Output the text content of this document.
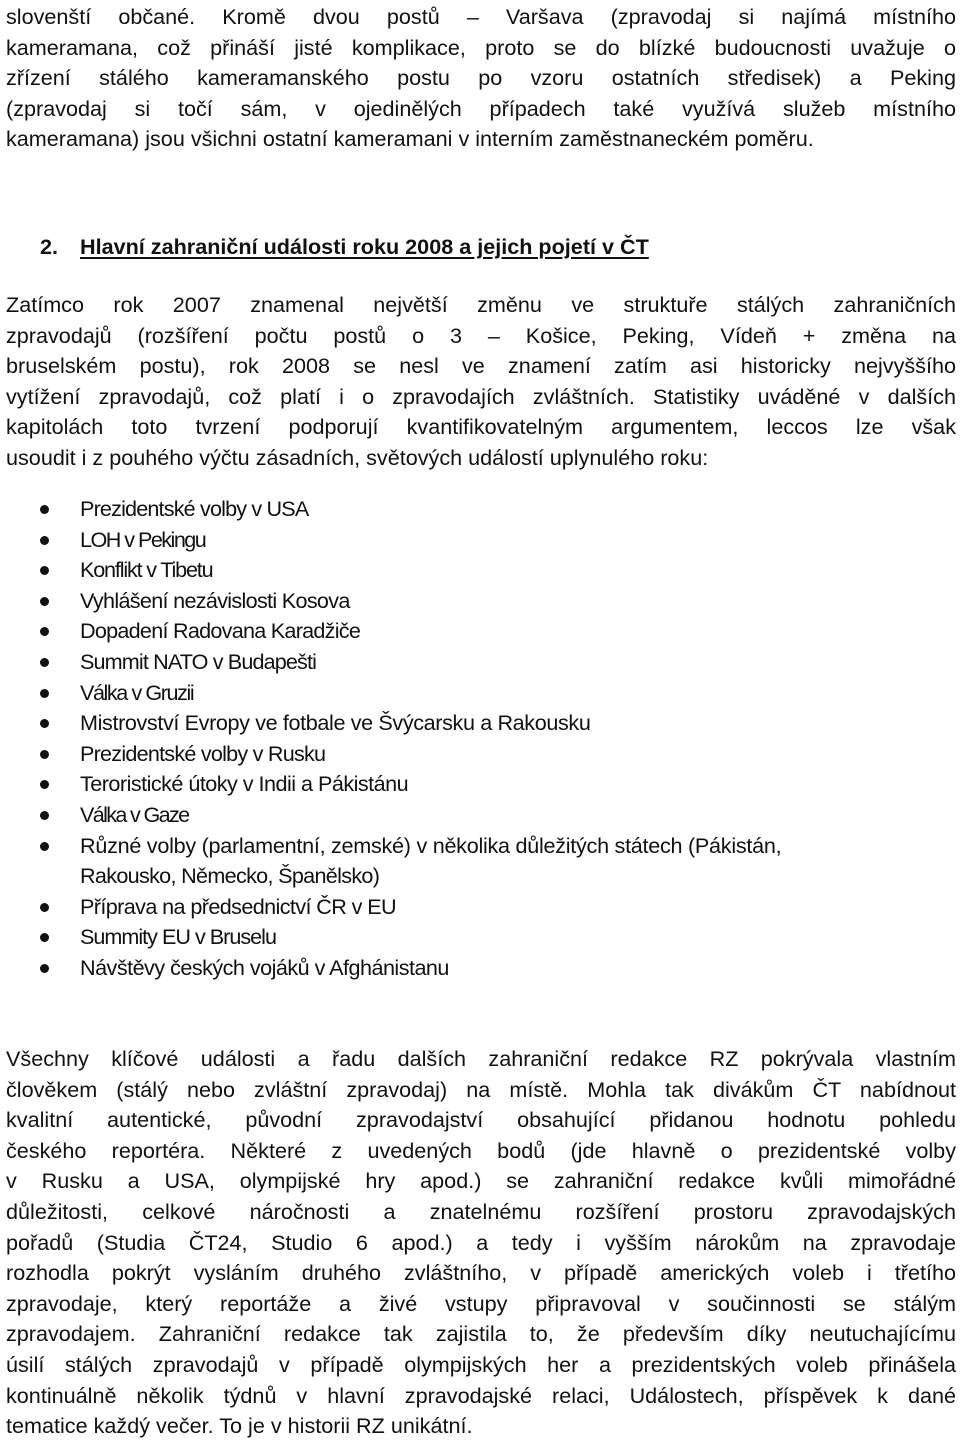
slovenští občané. Kromě dvou postů – Varšava (zpravodaj si najímá místního
kameramana, což přináší jisté komplikace, proto se do blízké budoucnosti uvažuje o
zřízení stálého kameramanského postu po vzoru ostatních středisek) a Peking
(zpravodaj si točí sám, v ojedinělých případech také využívá služeb místního
kameramana) jsou všichni ostatní kameramani v interním zaměstnaneckém poměru.

2. Hlavní zahraniční události roku 2008 a jejich pojetí v ČT

Zatímco rok 2007 znamenal největší změnu ve struktuře stálých zahraničních
zpravodajů (rozšíření počtu postů o 3 – Košice, Peking, Vídeň + změna na
bruselském postu), rok 2008 se nesl ve znamení zatím asi historicky nejvyššího
vytížení zpravodajů, což platí i o zpravodajích zvláštních. Statistiky uváděné v dalších
kapitolách toto tvrzení podporují kvantifikovatelným argumentem, leccos lze však
usoudit i z pouhého výčtu zásadních, světových událostí uplynulého roku:

Prezidentské volby v USA
LOH v Pekingu
Konflikt v Tibetu
Vyhlášení nezávislosti Kosova
Dopadení Radovana Karadžiče
Summit NATO v Budapešti
Válka v Gruzii
Mistrovství Evropy ve fotbale ve Švýcarsku a Rakousku
Prezidentské volby v Rusku
Teroristické útoky v Indii a Pákistánu
Válka v Gaze
Různé volby (parlamentní, zemské) v několika důležitých státech (Pákistán,
Rakousko, Německo, Španělsko)
Příprava na předsednictví ČR v EU
Summity EU v Bruselu
Návštěvy českých vojáků v Afghánistanu

Všechny klíčové události a řadu dalších zahraniční redakce RZ pokrývala vlastním
člověkem (stálý nebo zvláštní zpravodaj) na místě. Mohla tak divákům ČT nabídnout
kvalitní autentické, původní zpravodajství obsahující přidanou hodnotu pohledu
českého reportéra. Některé z uvedených bodů (jde hlavně o prezidentské volby
v Rusku a USA, olympijské hry apod.) se zahraniční redakce kvůli mimořádné
důležitosti, celkové náročnosti a znatelnému rozšíření prostoru zpravodajských
pořadů (Studia ČT24, Studio 6 apod.) a tedy i vyšším nárokům na zpravodaje
rozhodla pokrýt vysláním druhého zvláštního, v případě amerických voleb i třetího
zpravodaje, který reportáže a živé vstupy připravoval v součinnosti se stálým
zpravodajem. Zahraniční redakce tak zajistila to, že především díky neutuchajícímu
úsilí stálých zpravodajů v případě olympijských her a prezidentských voleb přinášela
kontinuálně několik týdnů v hlavní zpravodajské relaci, Událostech, příspěvek k dané
tematice každý večer. To je v historii RZ unikátní.
